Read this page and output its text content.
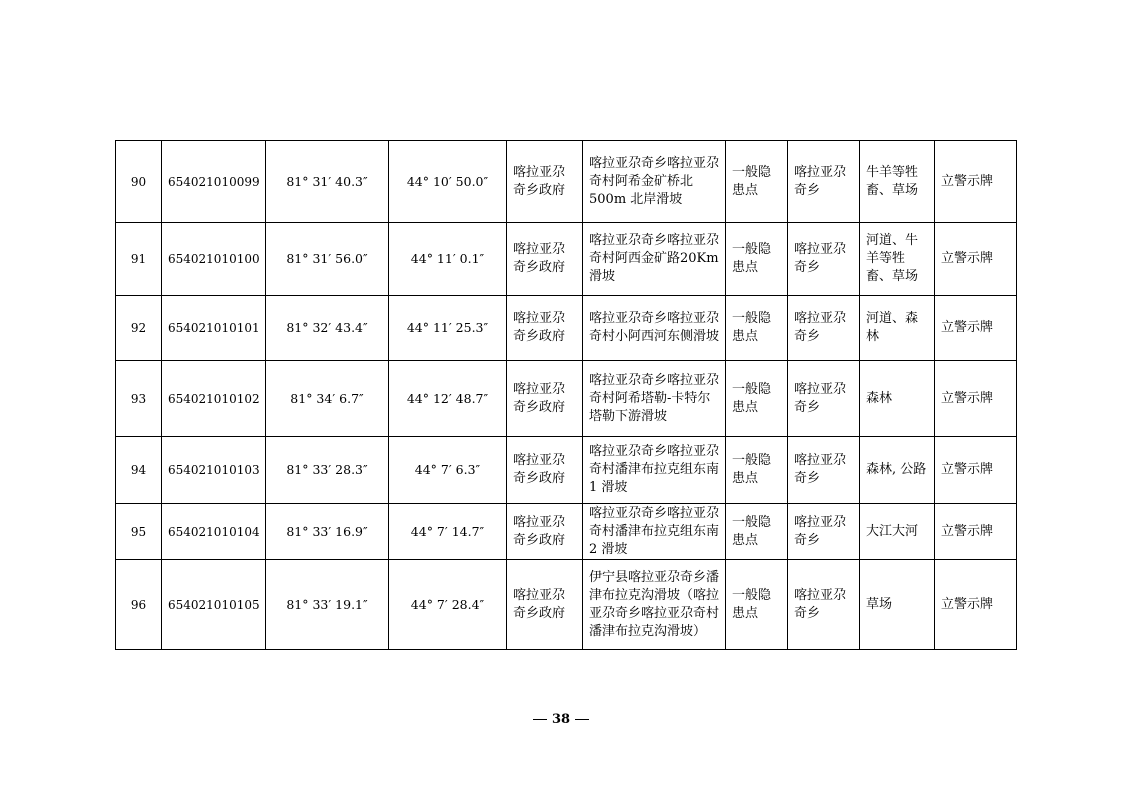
90	654021010099	81° 31′ 40.3″	44° 10′ 50.0″	喀拉亚尕奇乡政府	喀拉亚尕奇乡喀拉亚尕奇村阿希金矿桥北500m 北岸滑坡	一般隐患点	喀拉亚尕奇乡	牛羊等牲畜、草场	立警示牌
91	654021010100	81° 31′ 56.0″	44° 11′ 0.1″	喀拉亚尕奇乡政府	喀拉亚尕奇乡喀拉亚尕奇村阿西金矿路20Km 滑坡	一般隐患点	喀拉亚尕奇乡	河道、牛羊等牲畜、草场	立警示牌
92	654021010101	81° 32′ 43.4″	44° 11′ 25.3″	喀拉亚尕奇乡政府	喀拉亚尕奇乡喀拉亚尕奇村小阿西河东侧滑坡	一般隐患点	喀拉亚尕奇乡	河道、森林	立警示牌
93	654021010102	81° 34′ 6.7″	44° 12′ 48.7″	喀拉亚尕奇乡政府	喀拉亚尕奇乡喀拉亚尕奇村阿希塔勒-卡特尔塔勒下游滑坡	一般隐患点	喀拉亚尕奇乡	森林	立警示牌
94	654021010103	81° 33′ 28.3″	44° 7′ 6.3″	喀拉亚尕奇乡政府	喀拉亚尕奇乡喀拉亚尕奇村潘津布拉克组东南 1 滑坡	一般隐患点	喀拉亚尕奇乡	森林, 公路	立警示牌
95	654021010104	81° 33′ 16.9″	44° 7′ 14.7″	喀拉亚尕奇乡政府	喀拉亚尕奇乡喀拉亚尕奇村潘津布拉克组东南 2 滑坡	一般隐患点	喀拉亚尕奇乡	大江大河	立警示牌
96	654021010105	81° 33′ 19.1″	44° 7′ 28.4″	喀拉亚尕奇乡政府	伊宁县喀拉亚尕奇乡潘津布拉克沟滑坡（喀拉亚尕奇乡喀拉亚尕奇村潘津布拉克沟滑坡）	一般隐患点	喀拉亚尕奇乡	草场	立警示牌
38
